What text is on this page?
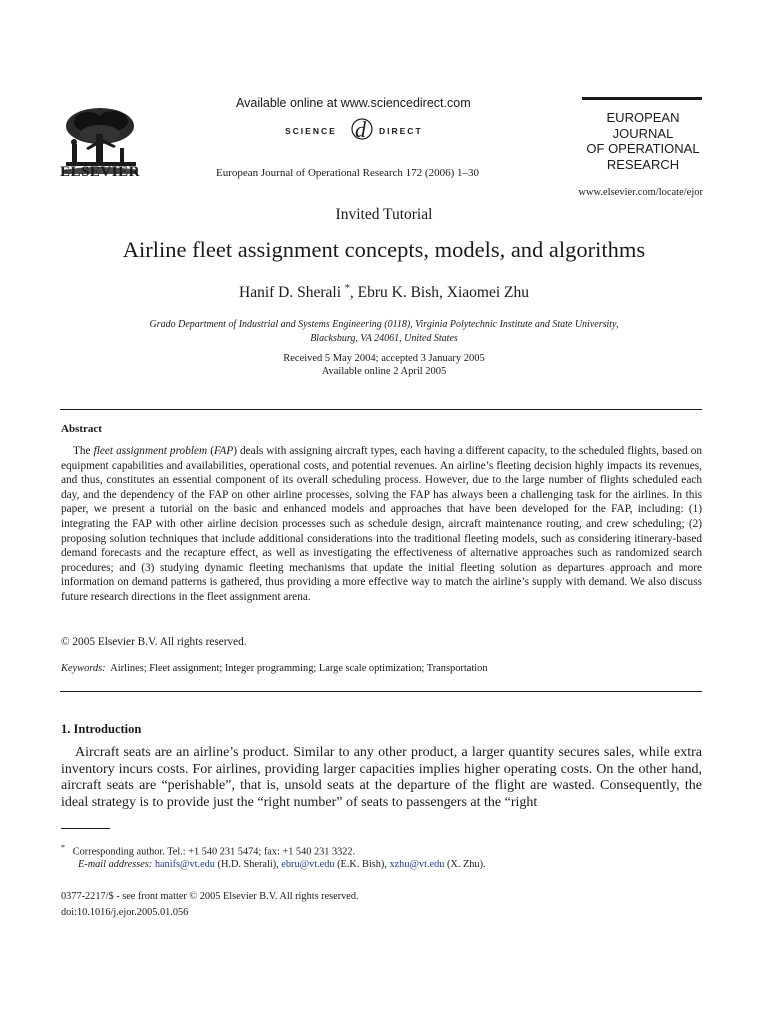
ELSEVIER
Available online at www.sciencedirect.com
SCIENCE d DIRECT
European Journal of Operational Research 172 (2006) 1–30
EUROPEAN
JOURNAL
OF OPERATIONAL
RESEARCH
www.elsevier.com/locate/ejor
Invited Tutorial
Airline fleet assignment concepts, models, and algorithms
Hanif D. Sherali *, Ebru K. Bish, Xiaomei Zhu
Grado Department of Industrial and Systems Engineering (0118), Virginia Polytechnic Institute and State University,
Blacksburg, VA 24061, United States
Received 5 May 2004; accepted 3 January 2005
Available online 2 April 2005
Abstract
The fleet assignment problem (FAP) deals with assigning aircraft types, each having a different capacity, to the scheduled flights, based on equipment capabilities and availabilities, operational costs, and potential revenues. An airline’s fleeting decision highly impacts its revenues, and thus, constitutes an essential component of its overall scheduling process. However, due to the large number of flights scheduled each day, and the dependency of the FAP on other airline processes, solving the FAP has always been a challenging task for the airlines. In this paper, we present a tutorial on the basic and enhanced models and approaches that have been developed for the FAP, including: (1) integrating the FAP with other airline decision processes such as schedule design, aircraft maintenance routing, and crew scheduling; (2) proposing solution techniques that include additional considerations into the traditional fleeting models, such as considering itinerary-based demand forecasts and the recapture effect, as well as investigating the effectiveness of alternative approaches such as randomized search procedures; and (3) studying dynamic fleeting mechanisms that update the initial fleeting solution as departures approach and more information on demand patterns is gathered, thus providing a more effective way to match the airline’s supply with demand. We also discuss future research directions in the fleet assignment arena.
© 2005 Elsevier B.V. All rights reserved.
Keywords: Airlines; Fleet assignment; Integer programming; Large scale optimization; Transportation
1. Introduction
Aircraft seats are an airline’s product. Similar to any other product, a larger quantity secures sales, while extra inventory incurs costs. For airlines, providing larger capacities implies higher operating costs. On the other hand, aircraft seats are “perishable”, that is, unsold seats at the departure of the flight are wasted. Consequently, the ideal strategy is to provide just the “right number” of seats to passengers at the “right
* Corresponding author. Tel.: +1 540 231 5474; fax: +1 540 231 3322.
E-mail addresses: hanifs@vt.edu (H.D. Sherali), ebru@vt.edu (E.K. Bish), xzhu@vt.edu (X. Zhu).
0377-2217/$ - see front matter © 2005 Elsevier B.V. All rights reserved.
doi:10.1016/j.ejor.2005.01.056
